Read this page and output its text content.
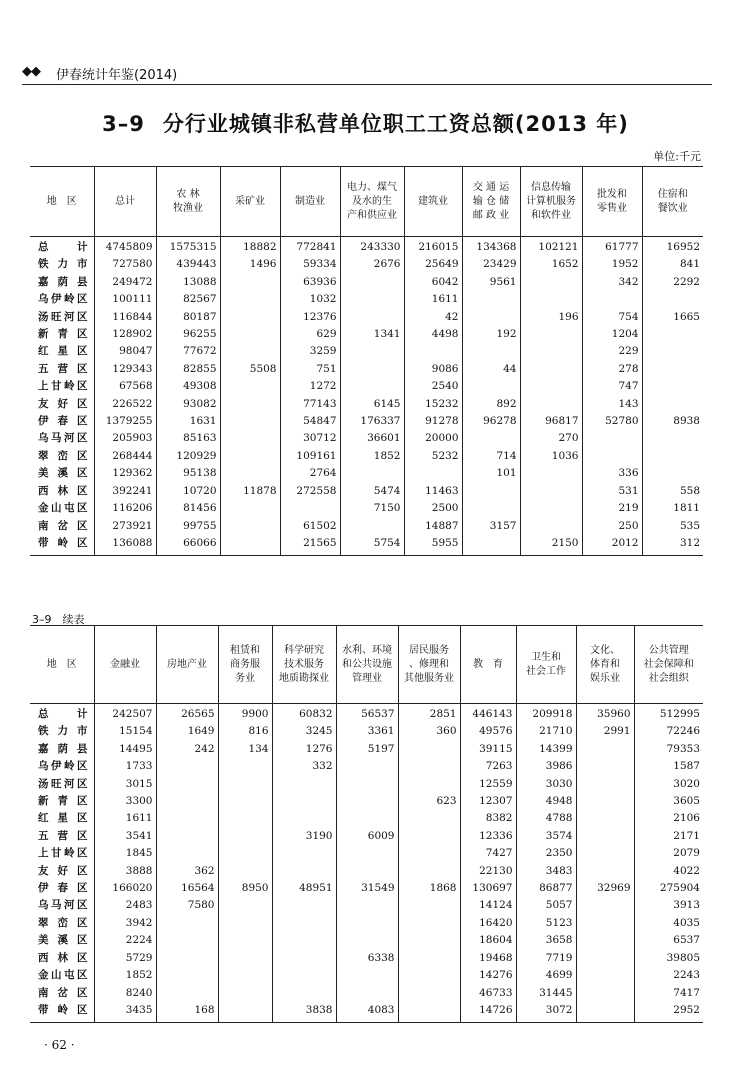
◆◆ 伊春统计年鉴(2014)
3–9 分行业城镇非私营单位职工工资总额(2013 年)
单位:千元
地　区	总计	农 林
牧渔业	采矿业	制造业	电力、煤气
及水的生
产和供应业	建筑业	交 通 运
输 仓 储
邮 政 业	信息传输
计算机服务
和软件业	批发和
零售业	住宿和
餐饮业
总　计	4745809	1575315	18882	772841	243330	216015	134368	102121	61777	16952
铁力市	727580	439443	1496	59334	2676	25649	23429	1652	1952	841
嘉荫县	249472	13088		63936		6042	9561		342	2292
乌伊岭区	100111	82567		1032		1611				
汤旺河区	116844	80187		12376		42		196	754	1665
新青区	128902	96255		629	1341	4498	192		1204	
红星区	98047	77672		3259					229	
五营区	129343	82855	5508	751		9086	44		278	
上甘岭区	67568	49308		1272		2540			747	
友好区	226522	93082		77143	6145	15232	892		143	
伊春区	1379255	1631		54847	176337	91278	96278	96817	52780	8938
乌马河区	205903	85163		30712	36601	20000		270		
翠峦区	268444	120929		109161	1852	5232	714	1036		
美溪区	129362	95138		2764			101		336	
西林区	392241	10720	11878	272558	5474	11463			531	558
金山屯区	116206	81456			7150	2500			219	1811
南岔区	273921	99755		61502		14887	3157		250	535
带岭区	136088	66066		21565	5754	5955		2150	2012	312
3–9　续表
地　区	金融业	房地产业	租赁和
商务服
务业	科学研究
技术服务
地质勘探业	水利、环境
和公共设施
管理业	居民服务
、修理和
其他服务业	教　育	卫生和
社会工作	文化、
体育和
娱乐业	公共管理
社会保障和
社会组织
总　计	242507	26565	9900	60832	56537	2851	446143	209918	35960	512995
铁力市	15154	1649	816	3245	3361	360	49576	21710	2991	72246
嘉荫县	14495	242	134	1276	5197		39115	14399		79353
乌伊岭区	1733			332			7263	3986		1587
汤旺河区	3015						12559	3030		3020
新青区	3300					623	12307	4948		3605
红星区	1611						8382	4788		2106
五营区	3541			3190	6009		12336	3574		2171
上甘岭区	1845						7427	2350		2079
友好区	3888	362					22130	3483		4022
伊春区	166020	16564	8950	48951	31549	1868	130697	86877	32969	275904
乌马河区	2483	7580					14124	5057		3913
翠峦区	3942						16420	5123		4035
美溪区	2224						18604	3658		6537
西林区	5729				6338		19468	7719		39805
金山屯区	1852						14276	4699		2243
南岔区	8240						46733	31445		7417
带岭区	3435	168		3838	4083		14726	3072		2952
· 62 ·
